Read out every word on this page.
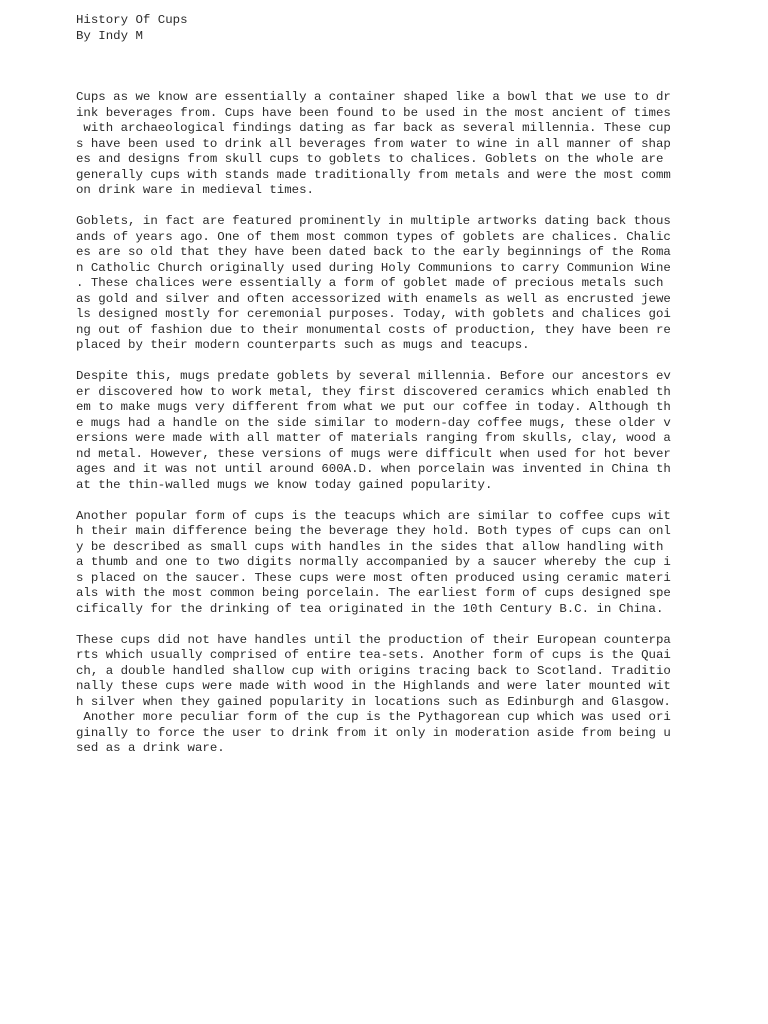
History Of Cups
By Indy M
Cups as we know are essentially a container shaped like a bowl that we use to dr
ink beverages from. Cups have been found to be used in the most ancient of times
with archaeological findings dating as far back as several millennia. These cup
s have been used to drink all beverages from water to wine in all manner of shap
es and designs from skull cups to goblets to chalices. Goblets on the whole are
generally cups with stands made traditionally from metals and were the most comm
on drink ware in medieval times.
Goblets, in fact are featured prominently in multiple artworks dating back thous
ands of years ago. One of them most common types of goblets are chalices. Chalic
es are so old that they have been dated back to the early beginnings of the Roma
n Catholic Church originally used during Holy Communions to carry Communion Wine
. These chalices were essentially a form of goblet made of precious metals such
as gold and silver and often accessorized with enamels as well as encrusted jewe
ls designed mostly for ceremonial purposes. Today, with goblets and chalices goi
ng out of fashion due to their monumental costs of production, they have been re
placed by their modern counterparts such as mugs and teacups.
Despite this, mugs predate goblets by several millennia. Before our ancestors ev
er discovered how to work metal, they first discovered ceramics which enabled th
em to make mugs very different from what we put our coffee in today. Although th
e mugs had a handle on the side similar to modern-day coffee mugs, these older v
ersions were made with all matter of materials ranging from skulls, clay, wood a
nd metal. However, these versions of mugs were difficult when used for hot bever
ages and it was not until around 600A.D. when porcelain was invented in China th
at the thin-walled mugs we know today gained popularity.
Another popular form of cups is the teacups which are similar to coffee cups wit
h their main difference being the beverage they hold. Both types of cups can onl
y be described as small cups with handles in the sides that allow handling with
a thumb and one to two digits normally accompanied by a saucer whereby the cup i
s placed on the saucer. These cups were most often produced using ceramic materi
als with the most common being porcelain. The earliest form of cups designed spe
cifically for the drinking of tea originated in the 10th Century B.C. in China.
These cups did not have handles until the production of their European counterpa
rts which usually comprised of entire tea-sets. Another form of cups is the Quai
ch, a double handled shallow cup with origins tracing back to Scotland. Traditio
nally these cups were made with wood in the Highlands and were later mounted wit
h silver when they gained popularity in locations such as Edinburgh and Glasgow.
Another more peculiar form of the cup is the Pythagorean cup which was used ori
ginally to force the user to drink from it only in moderation aside from being u
sed as a drink ware.
